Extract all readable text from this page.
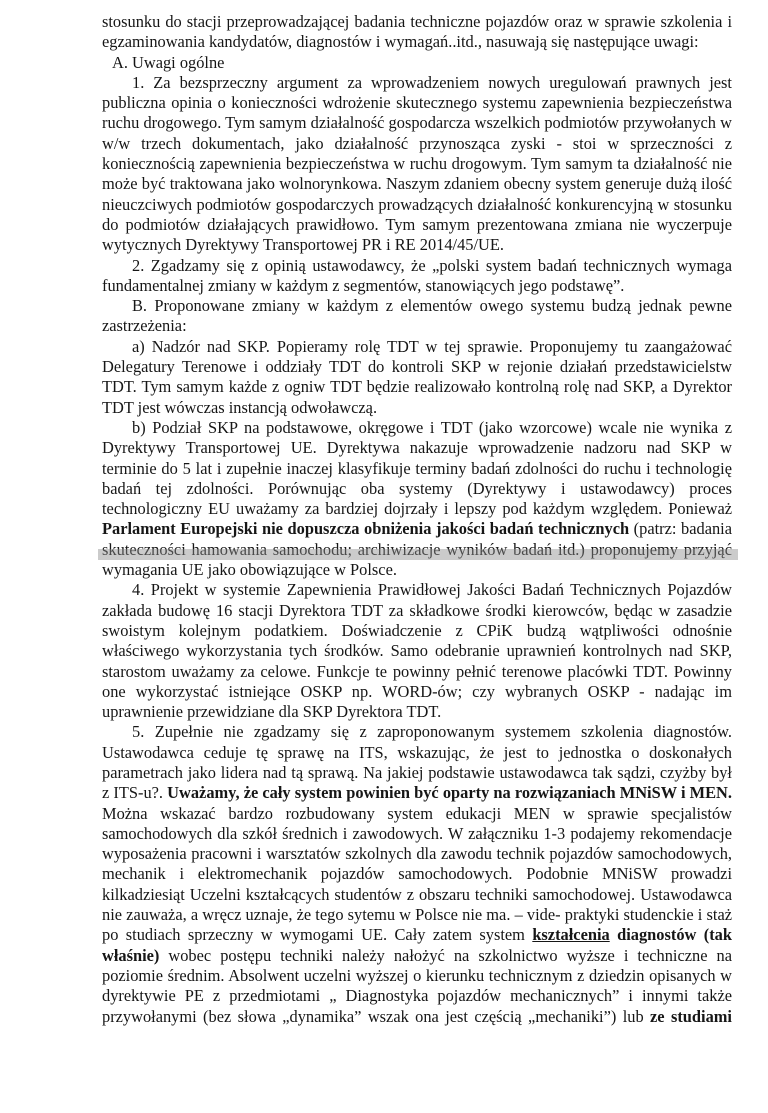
stosunku do stacji przeprowadzającej badania techniczne pojazdów oraz w sprawie szkolenia i egzaminowania kandydatów, diagnostów i wymagań..itd., nasuwają się następujące uwagi:

A. Uwagi ogólne

1. Za bezsprzeczny argument za wprowadzeniem nowych uregulowań prawnych jest publiczna opinia o konieczności wdrożenie skutecznego systemu zapewnienia bezpieczeństwa ruchu drogowego. Tym samym działalność gospodarcza wszelkich podmiotów przywołanych w w/w trzech dokumentach, jako działalność przynosząca zyski - stoi w sprzeczności z koniecznością zapewnienia bezpieczeństwa w ruchu drogowym. Tym samym ta działalność nie może być traktowana jako wolnorynkowa. Naszym zdaniem obecny system generuje dużą ilość nieuczciwych podmiotów gospodarczych prowadzących działalność konkurencyjną w stosunku do podmiotów działających prawidłowo. Tym samym prezentowana zmiana nie wyczerpuje wytycznych Dyrektywy Transportowej PR i RE 2014/45/UE.

2. Zgadzamy się z opinią ustawodawcy, że „polski system badań technicznych wymaga fundamentalnej zmiany w każdym z segmentów, stanowiących jego podstawę”.

B. Proponowane zmiany w każdym z elementów owego systemu budzą jednak pewne zastrzeżenia:

a) Nadzór nad SKP. Popieramy rolę TDT w tej sprawie. Proponujemy tu zaangażować Delegatury Terenowe i oddziały TDT do kontroli SKP w rejonie działań przedstawicielstw TDT. Tym samym każde z ogniw TDT będzie realizowało kontrolną rolę nad SKP, a Dyrektor TDT jest wówczas instancją odwoławczą.

b) Podział SKP na podstawowe, okręgowe i TDT (jako wzorcowe) wcale nie wynika z Dyrektywy Transportowej UE. Dyrektywa nakazuje wprowadzenie nadzoru nad SKP w terminie do 5 lat i zupełnie inaczej klasyfikuje terminy badań zdolności do ruchu i technologię badań tej zdolności. Porównując oba systemy (Dyrektywy i ustawodawcy) proces technologiczny EU uważamy za bardziej dojrzały i lepszy pod każdym względem. Ponieważ Parlament Europejski nie dopuszcza obniżenia jakości badań technicznych (patrz: badania skuteczności hamowania samochodu; archiwizacje wyników badań itd.) proponujemy przyjąć wymagania UE jako obowiązujące w Polsce.

4. Projekt w systemie Zapewnienia Prawidłowej Jakości Badań Technicznych Pojazdów zakłada budowę 16 stacji Dyrektora TDT za składkowe środki kierowców, będąc w zasadzie swoistym kolejnym podatkiem. Doświadczenie z CPiK budzą wątpliwości odnośnie właściwego wykorzystania tych środków. Samo odebranie uprawnień kontrolnych nad SKP, starostom uważamy za celowe. Funkcje te powinny pełnić terenowe placówki TDT. Powinny one wykorzystać istniejące OSKP np. WORD-ów; czy wybranych OSKP - nadając im uprawnienie przewidziane dla SKP Dyrektora TDT.

5. Zupełnie nie zgadzamy się z zaproponowanym systemem szkolenia diagnostów. Ustawodawca ceduje tę sprawę na ITS, wskazując, że jest to jednostka o doskonałych parametrach jako lidera nad tą sprawą. Na jakiej podstawie ustawodawca tak sądzi, czyżby był z ITS-u?. Uważamy, że cały system powinien być oparty na rozwiązaniach MNiSW i MEN. Można wskazać bardzo rozbudowany system edukacji MEN w sprawie specjalistów samochodowych dla szkół średnich i zawodowych. W załączniku 1-3 podajemy rekomendacje wyposażenia pracowni i warsztatów szkolnych dla zawodu technik pojazdów samochodowych, mechanik i elektromechanik pojazdów samochodowych. Podobnie MNiSW prowadzi kilkadziesiąt Uczelni kształcących studentów z obszaru techniki samochodowej. Ustawodawca nie zauważa, a wręcz uznaje, że tego sytemu w Polsce nie ma. – vide- praktyki studenckie i staż po studiach sprzeczny w wymogami UE. Cały zatem system kształcenia diagnostów (tak właśnie) wobec postępu techniki należy nałożyć na szkolnictwo wyższe i techniczne na poziomie średnim. Absolwent uczelni wyższej o kierunku technicznym z dziedzin opisanych w dyrektywie PE z przedmiotami „ Diagnostyka pojazdów mechanicznych” i innymi także przywołanymi (bez słowa „dynamika” wszak ona jest częścią „mechaniki”) lub ze studiami
